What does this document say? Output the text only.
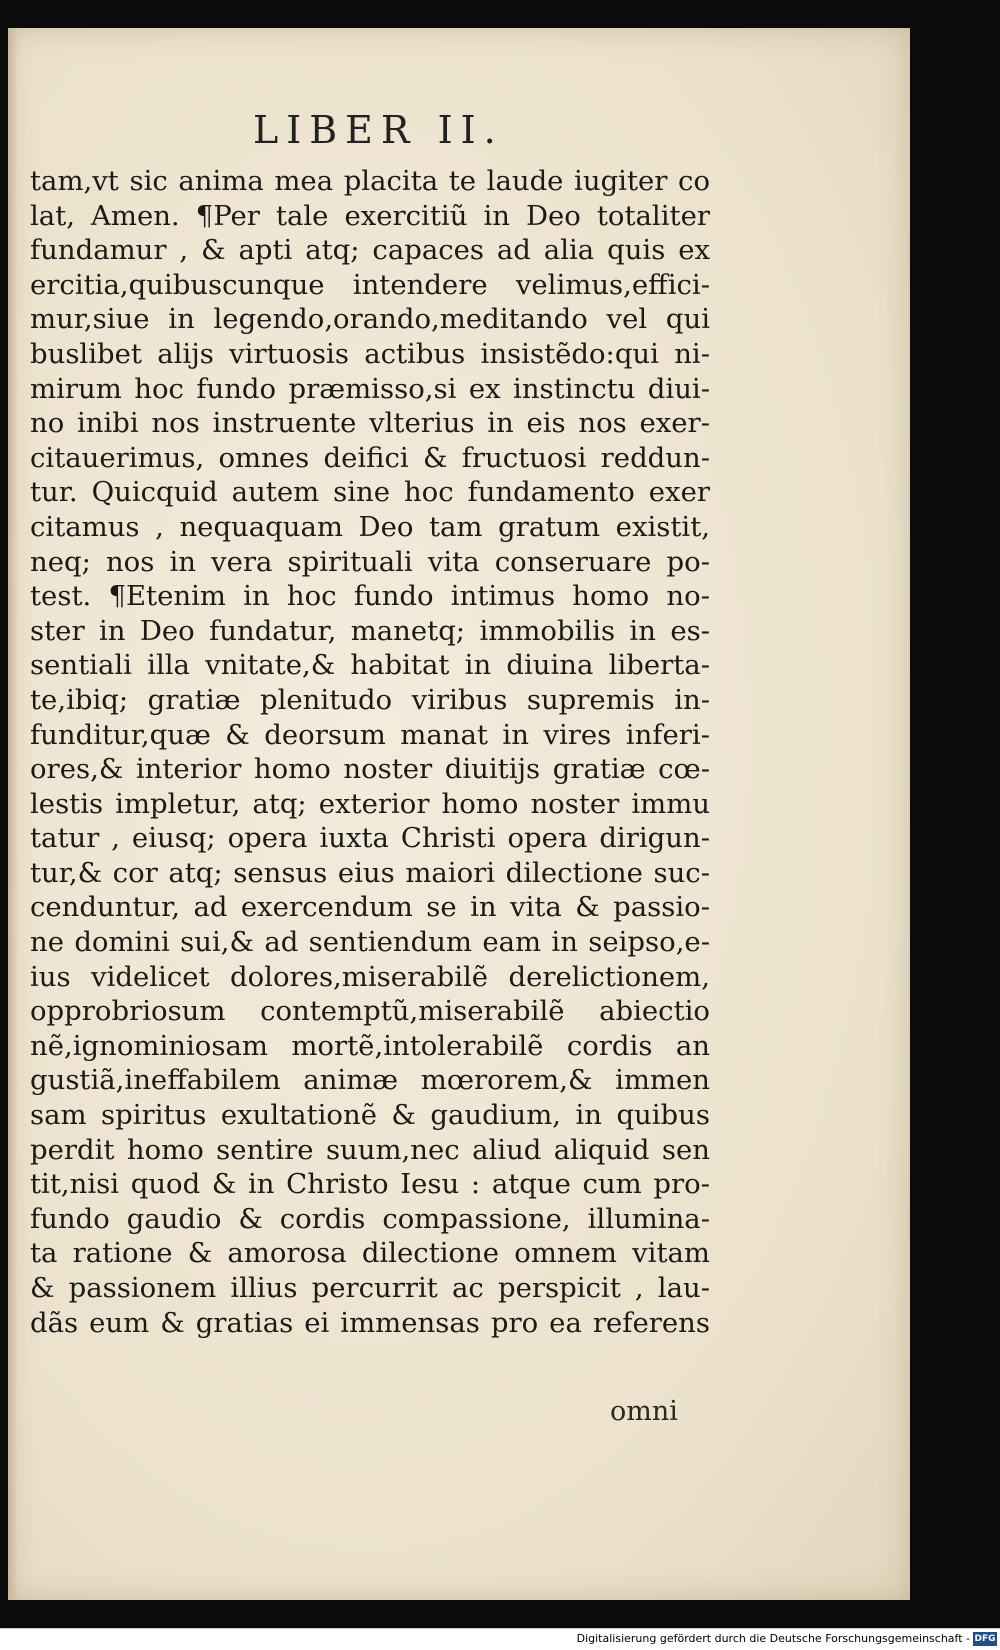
LIBER II.
tam,vt sic anima mea placita te laude iugiter co
lat, Amen. ¶Per tale exercitiũ in Deo totaliter
fundamur , & apti atq; capaces ad alia quis ex
ercitia,quibuscunque intendere velimus,effici-
mur,siue in legendo,orando,meditando vel qui
buslibet alijs virtuosis actibus insistẽdo:qui ni-
mirum hoc fundo præmisso,si ex instinctu diui-
no inibi nos instruente vlterius in eis nos exer-
citauerimus, omnes deifici & fructuosi reddun-
tur. Quicquid autem sine hoc fundamento exer
citamus , nequaquam Deo tam gratum existit,
neq; nos in vera spirituali vita conseruare po-
test. ¶Etenim in hoc fundo intimus homo no-
ster in Deo fundatur, manetq; immobilis in es-
sentiali illa vnitate,& habitat in diuina liberta-
te,ibiq; gratiæ plenitudo viribus supremis in-
funditur,quæ & deorsum manat in vires inferi-
ores,& interior homo noster diuitijs gratiæ cœ-
lestis impletur, atq; exterior homo noster immu
tatur , eiusq; opera iuxta Christi opera dirigun-
tur,& cor atq; sensus eius maiori dilectione suc-
cenduntur, ad exercendum se in vita & passio-
ne domini sui,& ad sentiendum eam in seipso,e-
ius videlicet dolores,miserabilẽ derelictionem,
opprobriosum contemptũ,miserabilẽ abiectio
nẽ,ignominiosam mortẽ,intolerabilẽ cordis an
gustiã,ineffabilem animæ mœrorem,& immen
sam spiritus exultationẽ & gaudium, in quibus
perdit homo sentire suum,nec aliud aliquid sen
tit,nisi quod & in Christo Iesu : atque cum pro-
fundo gaudio & cordis compassione, illumina-
ta ratione & amorosa dilectione omnem vitam
& passionem illius percurrit ac perspicit , lau-
dãs eum & gratias ei immensas pro ea referens
omni
Digitalisierung gefördert durch die Deutsche Forschungsgemeinschaft - DFG
